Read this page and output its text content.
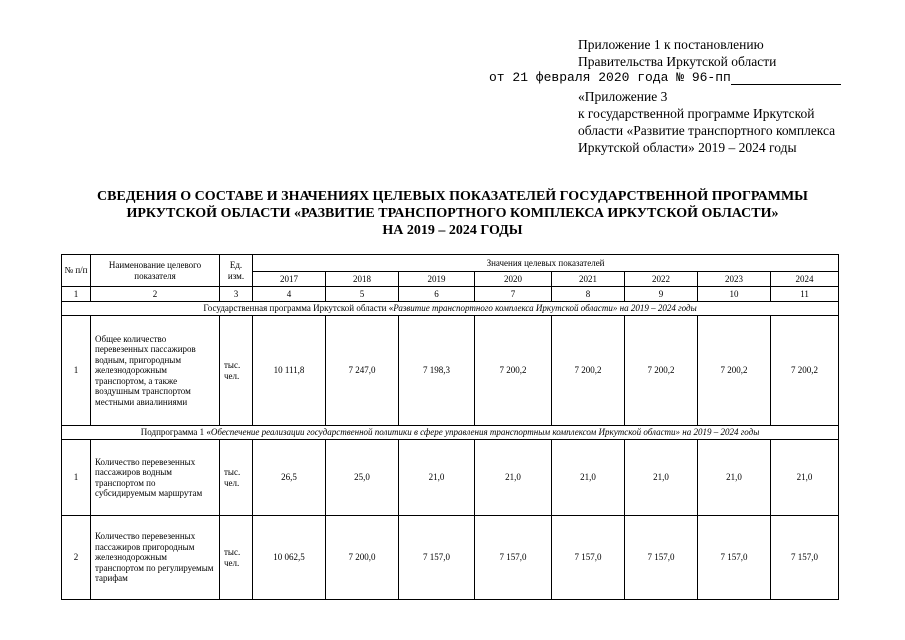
Приложение 1 к постановлению
Правительства Иркутской области
от 21 февраля 2020 года № 96-пп
«Приложение 3
к государственной программе Иркутской
области «Развитие транспортного комплекса
Иркутской области» 2019 – 2024 годы
СВЕДЕНИЯ О СОСТАВЕ И ЗНАЧЕНИЯХ ЦЕЛЕВЫХ ПОКАЗАТЕЛЕЙ ГОСУДАРСТВЕННОЙ ПРОГРАММЫ
ИРКУТСКОЙ ОБЛАСТИ «РАЗВИТИЕ ТРАНСПОРТНОГО КОМПЛЕКСА ИРКУТСКОЙ ОБЛАСТИ»
НА 2019 – 2024 ГОДЫ
№ п/п	Наименование целевого показателя	Ед. изм.	Значения целевых показателей							
			2017	2018	2019	2020	2021	2022	2023	2024
1	2	3	4	5	6	7	8	9	10	11
Государственная программа Иркутской области «Развитие транспортного комплекса Иркутской области» на 2019 – 2024 годы										
1	Общее количество перевезенных пассажиров водным, пригородным железнодорожным транспортом, а также воздушным транспортом местными авиалиниями	тыс. чел.	10 111,8	7 247,0	7 198,3	7 200,2	7 200,2	7 200,2	7 200,2	7 200,2
Подпрограмма 1 «Обеспечение реализации государственной политики в сфере управления транспортным комплексом Иркутской области» на 2019 – 2024 годы										
1	Количество перевезенных пассажиров водным транспортом по субсидируемым маршрутам	тыс. чел.	26,5	25,0	21,0	21,0	21,0	21,0	21,0	21,0
2	Количество перевезенных пассажиров пригородным железнодорожным транспортом по регулируемым тарифам	тыс. чел.	10 062,5	7 200,0	7 157,0	7 157,0	7 157,0	7 157,0	7 157,0	7 157,0
